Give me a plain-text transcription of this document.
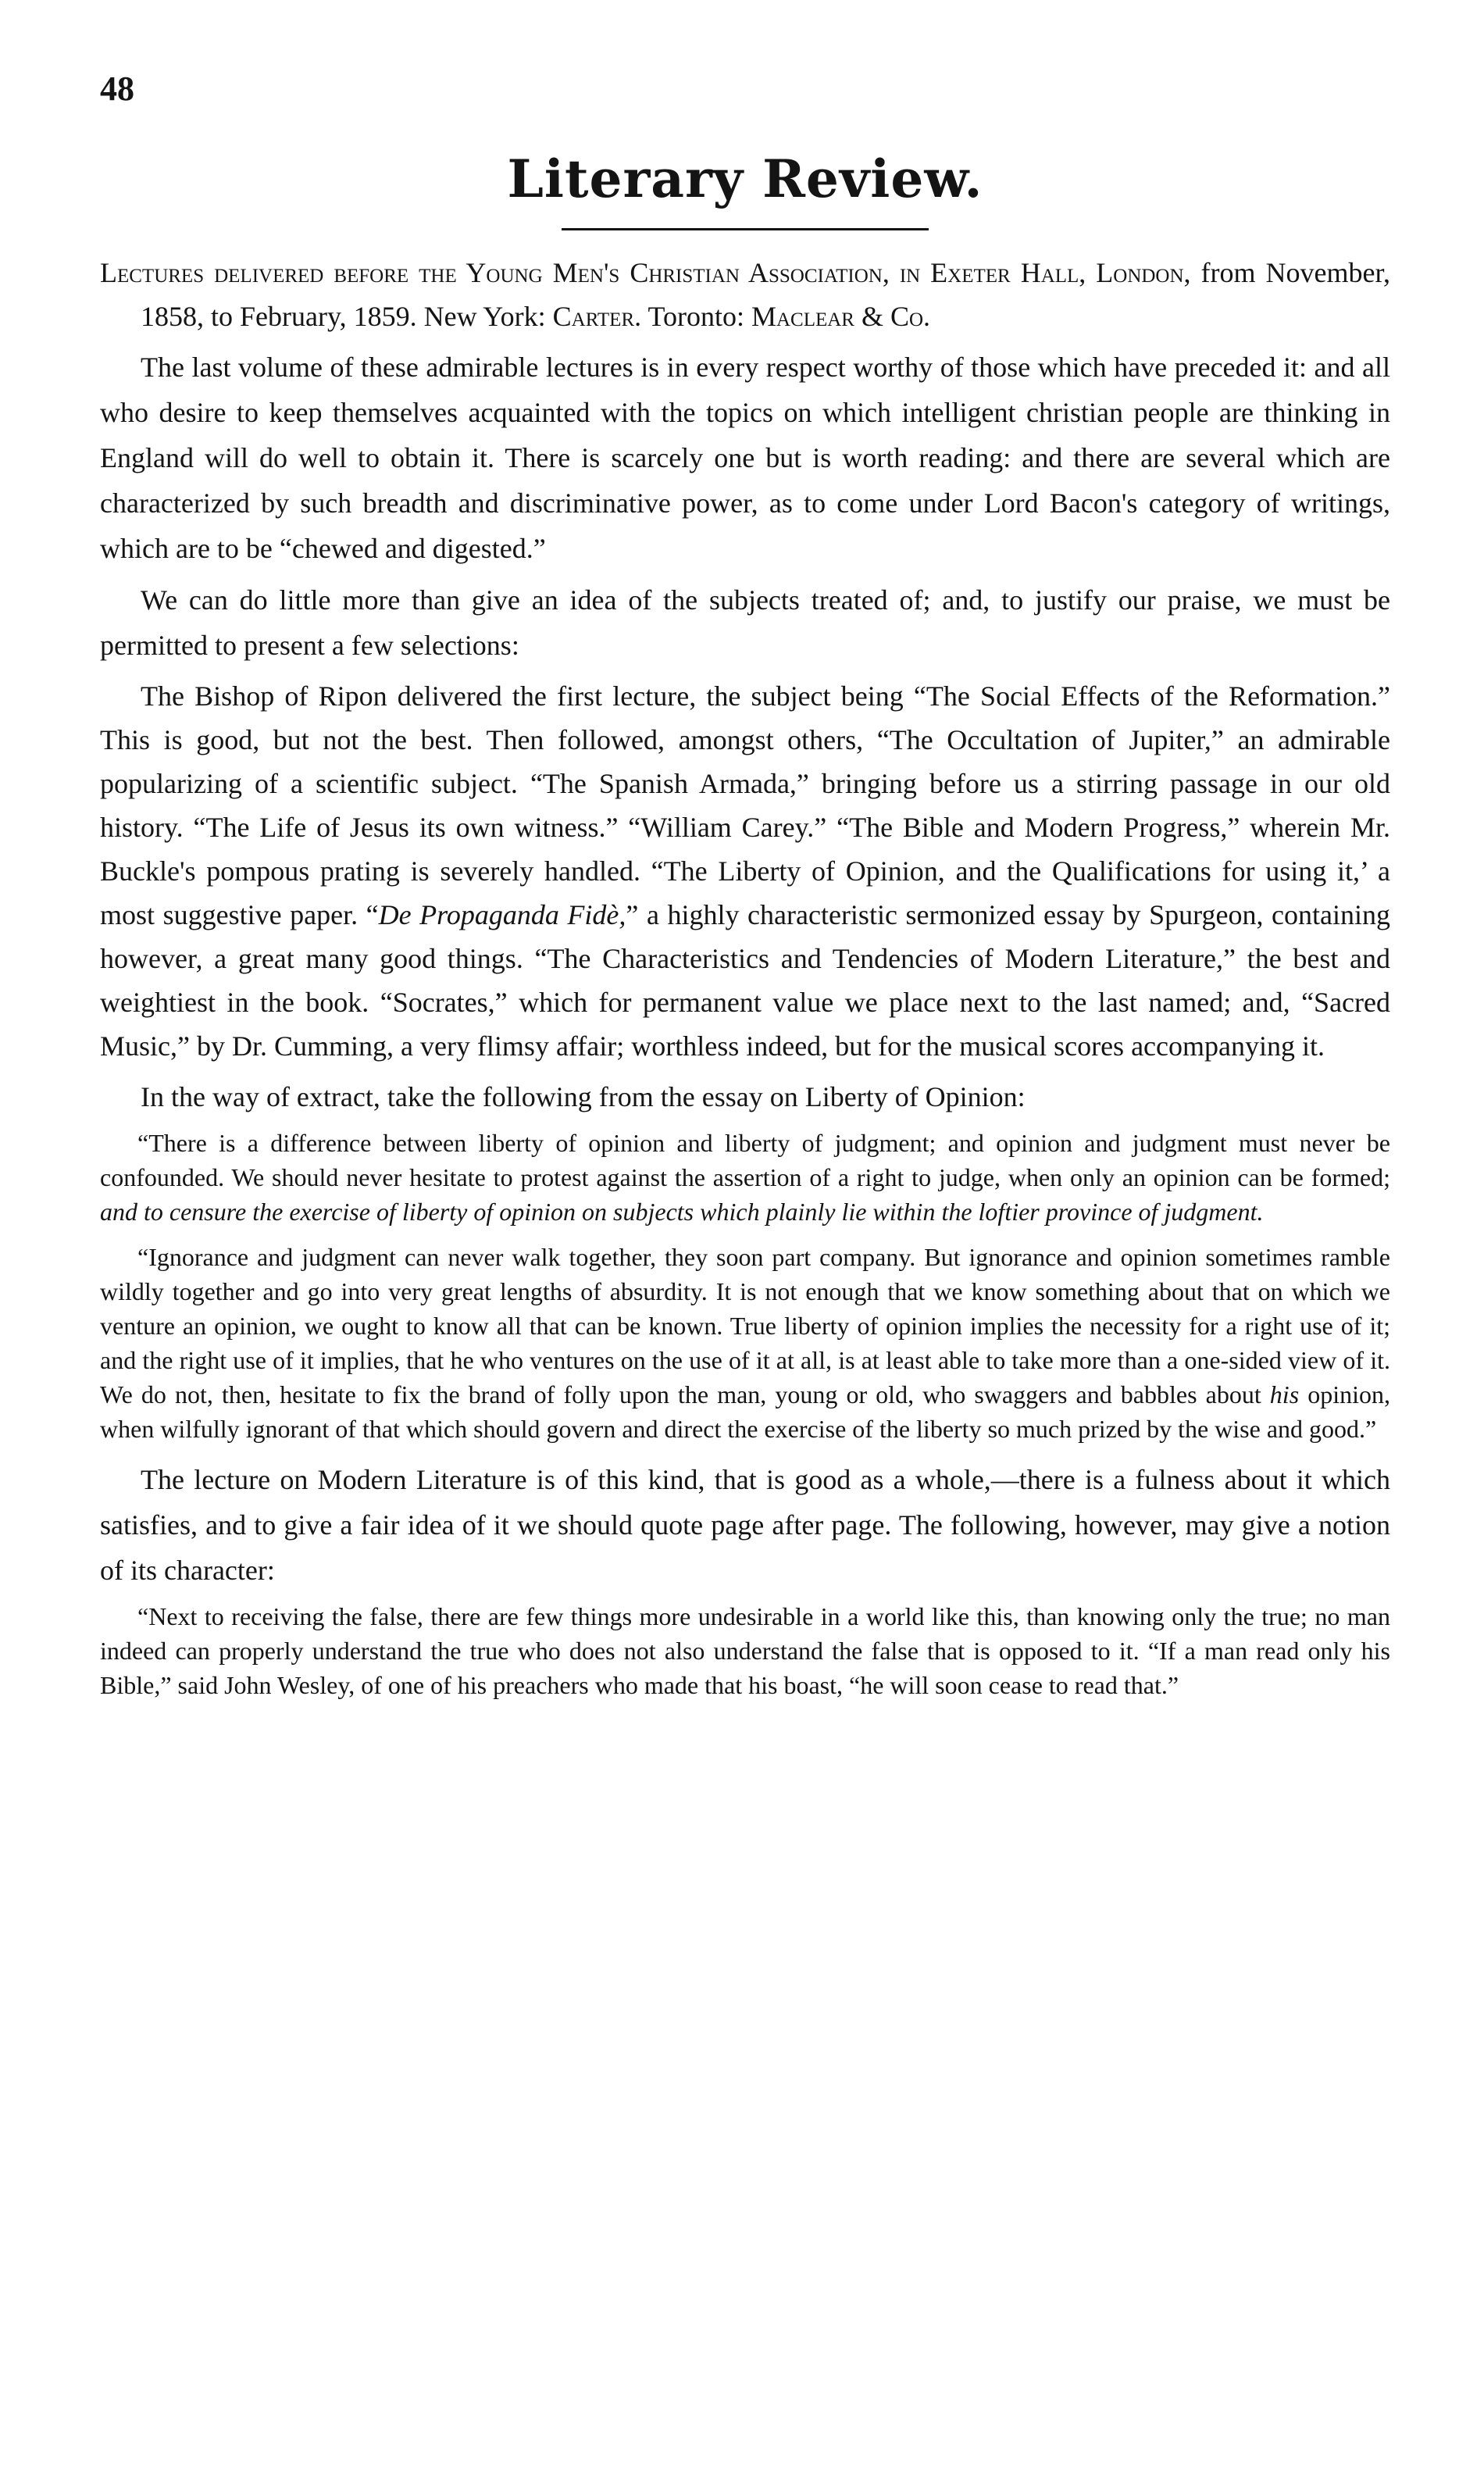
48
Literary Review.

Lectures delivered before the Young Men's Christian Association, in Exeter Hall, London, from November, 1858, to February, 1859. New York: Carter. Toronto: Maclear & Co.

The last volume of these admirable lectures is in every respect worthy of those which have preceded it: and all who desire to keep themselves acquainted with the topics on which intelligent christian people are thinking in England will do well to obtain it. There is scarcely one but is worth reading: and there are several which are characterized by such breadth and discriminative power, as to come under Lord Bacon's category of writings, which are to be “chewed and digested.”

We can do little more than give an idea of the subjects treated of; and, to justify our praise, we must be permitted to present a few selections:

The Bishop of Ripon delivered the first lecture, the subject being “The Social Effects of the Reformation.” This is good, but not the best. Then followed, amongst others, “The Occultation of Jupiter,” an admirable popularizing of a scientific subject. “The Spanish Armada,” bringing before us a stirring passage in our old history. “The Life of Jesus its own witness.” “William Carey.” “The Bible and Modern Progress,” wherein Mr. Buckle's pompous prating is severely handled. “The Liberty of Opinion, and the Qualifications for using it,’ a most suggestive paper. “De Propaganda Fidè,” a highly characteristic sermonized essay by Spurgeon, containing however, a great many good things. “The Characteristics and Tendencies of Modern Literature,” the best and weightiest in the book. “Socrates,” which for permanent value we place next to the last named; and, “Sacred Music,” by Dr. Cumming, a very flimsy affair; worthless indeed, but for the musical scores accompanying it.

In the way of extract, take the following from the essay on Liberty of Opinion:

“There is a difference between liberty of opinion and liberty of judgment; and opinion and judgment must never be confounded. We should never hesitate to protest against the assertion of a right to judge, when only an opinion can be formed; and to censure the exercise of liberty of opinion on subjects which plainly lie within the loftier province of judgment.

“Ignorance and judgment can never walk together, they soon part company. But ignorance and opinion sometimes ramble wildly together and go into very great lengths of absurdity. It is not enough that we know something about that on which we venture an opinion, we ought to know all that can be known. True liberty of opinion implies the necessity for a right use of it; and the right use of it implies, that he who ventures on the use of it at all, is at least able to take more than a one-sided view of it. We do not, then, hesitate to fix the brand of folly upon the man, young or old, who swaggers and babbles about his opinion, when wilfully ignorant of that which should govern and direct the exercise of the liberty so much prized by the wise and good.”

The lecture on Modern Literature is of this kind, that is good as a whole,—there is a fulness about it which satisfies, and to give a fair idea of it we should quote page after page. The following, however, may give a notion of its character:

“Next to receiving the false, there are few things more undesirable in a world like this, than knowing only the true; no man indeed can properly understand the true who does not also understand the false that is opposed to it. “If a man read only his Bible,” said John Wesley, of one of his preachers who made that his boast, “he will soon cease to read that.”
